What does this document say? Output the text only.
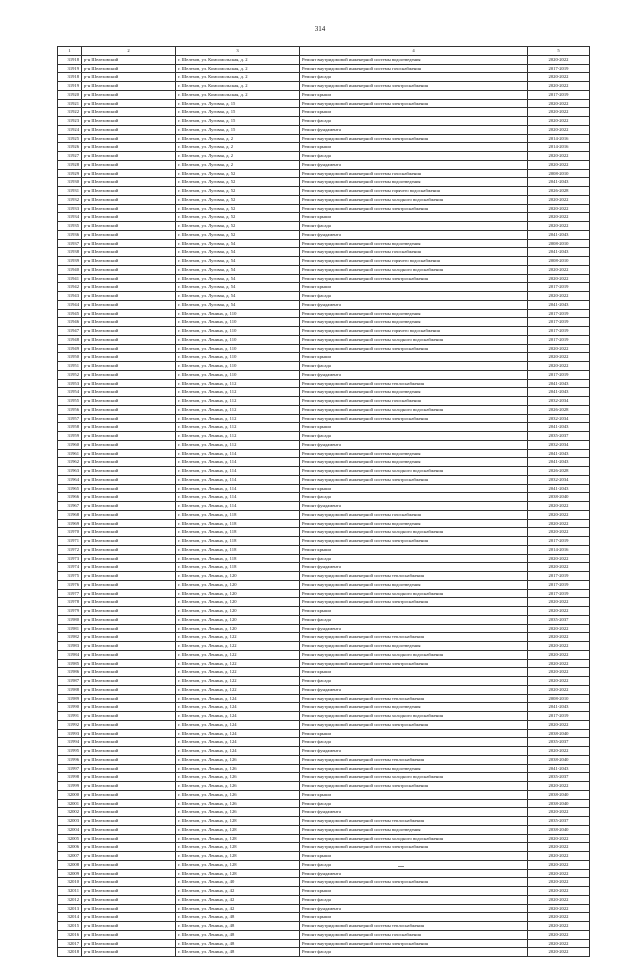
314
1	2	3	4	5
31918	р-н Шелеховский	г. Шелехов, ул. Комсомольская, д. 2	Ремонт внутридомовой инженерной системы водоотведения	2020-2022
31919	р-н Шелеховский	г. Шелехов, ул. Комсомольская, д. 2	Ремонт внутридомовой инженерной системы газоснабжения	2017-2019
31918	р-н Шелеховский	г. Шелехов, ул. Комсомольская, д. 2	Ремонт фасада	2020-2022
31919	р-н Шелеховский	г. Шелехов, ул. Комсомольская, д. 2	Ремонт внутридомовой инженерной системы электроснабжения	2020-2022
31920	р-н Шелеховский	г. Шелехов, ул. Комсомольская, д. 2	Ремонт крыши	2017-2019
31921	р-н Шелеховский	г. Шелехов, ул. Луговая, д. 15	Ремонт внутридомовой инженерной системы электроснабжения	2020-2022
31922	р-н Шелеховский	г. Шелехов, ул. Луговая, д. 15	Ремонт крыши	2020-2022
31923	р-н Шелеховский	г. Шелехов, ул. Луговая, д. 15	Ремонт фасада	2020-2022
31924	р-н Шелеховский	г. Шелехов, ул. Луговая, д. 15	Ремонт фундамента	2020-2022
31925	р-н Шелеховский	г. Шелехов, ул. Луговая, д. 2	Ремонт внутридомовой инженерной системы электроснабжения	2014-2016
31926	р-н Шелеховский	г. Шелехов, ул. Луговая, д. 2	Ремонт крыши	2014-2016
31927	р-н Шелеховский	г. Шелехов, ул. Луговая, д. 2	Ремонт фасада	2020-2022
31928	р-н Шелеховский	г. Шелехов, ул. Луговая, д. 2	Ремонт фундамента	2020-2022
31929	р-н Шелеховский	г. Шелехов, ул. Луговая, д. 52	Ремонт внутридомовой инженерной системы газоснабжения	2008-2010
31930	р-н Шелеховский	г. Шелехов, ул. Луговая, д. 52	Ремонт внутридомовой инженерной системы водоотведения	2041-2043
31931	р-н Шелеховский	г. Шелехов, ул. Луговая, д. 52	Ремонт внутридомовой инженерной системы горячего водоснабжения	2026-2028
31932	р-н Шелеховский	г. Шелехов, ул. Луговая, д. 52	Ремонт внутридомовой инженерной системы холодного водоснабжения	2020-2022
31933	р-н Шелеховский	г. Шелехов, ул. Луговая, д. 52	Ремонт внутридомовой инженерной системы электроснабжения	2020-2022
31934	р-н Шелеховский	г. Шелехов, ул. Луговая, д. 52	Ремонт крыши	2020-2022
31935	р-н Шелеховский	г. Шелехов, ул. Луговая, д. 52	Ремонт фасада	2020-2022
31936	р-н Шелеховский	г. Шелехов, ул. Луговая, д. 52	Ремонт фундамента	2041-2043
31937	р-н Шелеховский	г. Шелехов, ул. Луговая, д. 54	Ремонт внутридомовой инженерной системы водоотведения	2008-2010
31938	р-н Шелеховский	г. Шелехов, ул. Луговая, д. 54	Ремонт внутридомовой инженерной системы газоснабжения	2041-2043
31939	р-н Шелеховский	г. Шелехов, ул. Луговая, д. 54	Ремонт внутридомовой инженерной системы горячего водоснабжения	2008-2010
31940	р-н Шелеховский	г. Шелехов, ул. Луговая, д. 54	Ремонт внутридомовой инженерной системы холодного водоснабжения	2020-2022
31941	р-н Шелеховский	г. Шелехов, ул. Луговая, д. 54	Ремонт внутридомовой инженерной системы электроснабжения	2020-2022
31942	р-н Шелеховский	г. Шелехов, ул. Луговая, д. 54	Ремонт крыши	2017-2019
31943	р-н Шелеховский	г. Шелехов, ул. Луговая, д. 54	Ремонт фасада	2020-2022
31944	р-н Шелеховский	г. Шелехов, ул. Луговая, д. 54	Ремонт фундамента	2041-2043
31945	р-н Шелеховский	г. Шелехов, ул. Ленина, д. 110	Ремонт внутридомовой инженерной системы водоотведения	2017-2019
31946	р-н Шелеховский	г. Шелехов, ул. Ленина, д. 110	Ремонт внутридомовой инженерной системы водоотведения	2017-2019
31947	р-н Шелеховский	г. Шелехов, ул. Ленина, д. 110	Ремонт внутридомовой инженерной системы горячего водоснабжения	2017-2019
31948	р-н Шелеховский	г. Шелехов, ул. Ленина, д. 110	Ремонт внутридомовой инженерной системы холодного водоснабжения	2017-2019
31949	р-н Шелеховский	г. Шелехов, ул. Ленина, д. 110	Ремонт внутридомовой инженерной системы электроснабжения	2020-2022
31950	р-н Шелеховский	г. Шелехов, ул. Ленина, д. 110	Ремонт крыши	2020-2022
31951	р-н Шелеховский	г. Шелехов, ул. Ленина, д. 110	Ремонт фасада	2020-2022
31952	р-н Шелеховский	г. Шелехов, ул. Ленина, д. 110	Ремонт фундамента	2017-2019
31953	р-н Шелеховский	г. Шелехов, ул. Ленина, д. 112	Ремонт внутридомовой инженерной системы теплоснабжения	2041-2043
31954	р-н Шелеховский	г. Шелехов, ул. Ленина, д. 112	Ремонт внутридомовой инженерной системы водоотведения	2041-2043
31955	р-н Шелеховский	г. Шелехов, ул. Ленина, д. 112	Ремонт внутридомовой инженерной системы газоснабжения	2032-2034
31956	р-н Шелеховский	г. Шелехов, ул. Ленина, д. 112	Ремонт внутридомовой инженерной системы холодного водоснабжения	2026-2028
31957	р-н Шелеховский	г. Шелехов, ул. Ленина, д. 112	Ремонт внутридомовой инженерной системы электроснабжения	2032-2034
31958	р-н Шелеховский	г. Шелехов, ул. Ленина, д. 112	Ремонт крыши	2041-2043
31959	р-н Шелеховский	г. Шелехов, ул. Ленина, д. 112	Ремонт фасада	2035-2037
31960	р-н Шелеховский	г. Шелехов, ул. Ленина, д. 112	Ремонт фундамента	2032-2034
31961	р-н Шелеховский	г. Шелехов, ул. Ленина, д. 114	Ремонт внутридомовой инженерной системы водоотведения	2041-2043
31962	р-н Шелеховский	г. Шелехов, ул. Ленина, д. 114	Ремонт внутридомовой инженерной системы водоотведения	2041-2043
31963	р-н Шелеховский	г. Шелехов, ул. Ленина, д. 114	Ремонт внутридомовой инженерной системы холодного водоснабжения	2026-2028
31964	р-н Шелеховский	г. Шелехов, ул. Ленина, д. 114	Ремонт внутридомовой инженерной системы электроснабжения	2032-2034
31965	р-н Шелеховский	г. Шелехов, ул. Ленина, д. 114	Ремонт крыши	2041-2043
31966	р-н Шелеховский	г. Шелехов, ул. Ленина, д. 114	Ремонт фасада	2038-2040
31967	р-н Шелеховский	г. Шелехов, ул. Ленина, д. 114	Ремонт фундамента	2020-2022
31968	р-н Шелеховский	г. Шелехов, ул. Ленина, д. 118	Ремонт внутридомовой инженерной системы газоснабжения	2020-2022
31969	р-н Шелеховский	г. Шелехов, ул. Ленина, д. 118	Ремонт внутридомовой инженерной системы водоотведения	2020-2022
31970	р-н Шелеховский	г. Шелехов, ул. Ленина, д. 118	Ремонт внутридомовой инженерной системы холодного водоснабжения	2020-2022
31971	р-н Шелеховский	г. Шелехов, ул. Ленина, д. 118	Ремонт внутридомовой инженерной системы электроснабжения	2017-2019
31972	р-н Шелеховский	г. Шелехов, ул. Ленина, д. 118	Ремонт крыши	2014-2016
31973	р-н Шелеховский	г. Шелехов, ул. Ленина, д. 118	Ремонт фасада	2020-2022
31974	р-н Шелеховский	г. Шелехов, ул. Ленина, д. 118	Ремонт фундамента	2020-2022
31975	р-н Шелеховский	г. Шелехов, ул. Ленина, д. 120	Ремонт внутридомовой инженерной системы теплоснабжения	2017-2019
31976	р-н Шелеховский	г. Шелехов, ул. Ленина, д. 120	Ремонт внутридомовой инженерной системы водоотведения	2017-2019
31977	р-н Шелеховский	г. Шелехов, ул. Ленина, д. 120	Ремонт внутридомовой инженерной системы холодного водоснабжения	2017-2019
31978	р-н Шелеховский	г. Шелехов, ул. Ленина, д. 120	Ремонт внутридомовой инженерной системы электроснабжения	2020-2022
31979	р-н Шелеховский	г. Шелехов, ул. Ленина, д. 120	Ремонт крыши	2020-2022
31980	р-н Шелеховский	г. Шелехов, ул. Ленина, д. 120	Ремонт фасада	2035-2037
31981	р-н Шелеховский	г. Шелехов, ул. Ленина, д. 120	Ремонт фундамента	2020-2022
31982	р-н Шелеховский	г. Шелехов, ул. Ленина, д. 122	Ремонт внутридомовой инженерной системы теплоснабжения	2020-2022
31983	р-н Шелеховский	г. Шелехов, ул. Ленина, д. 122	Ремонт внутридомовой инженерной системы водоотведения	2020-2022
31984	р-н Шелеховский	г. Шелехов, ул. Ленина, д. 122	Ремонт внутридомовой инженерной системы холодного водоснабжения	2020-2022
31985	р-н Шелеховский	г. Шелехов, ул. Ленина, д. 122	Ремонт внутридомовой инженерной системы электроснабжения	2020-2022
31986	р-н Шелеховский	г. Шелехов, ул. Ленина, д. 122	Ремонт крыши	2020-2022
31987	р-н Шелеховский	г. Шелехов, ул. Ленина, д. 122	Ремонт фасада	2020-2022
31988	р-н Шелеховский	г. Шелехов, ул. Ленина, д. 122	Ремонт фундамента	2020-2022
31989	р-н Шелеховский	г. Шелехов, ул. Ленина, д. 124	Ремонт внутридомовой инженерной системы теплоснабжения	2008-2010
31990	р-н Шелеховский	г. Шелехов, ул. Ленина, д. 124	Ремонт внутридомовой инженерной системы водоотведения	2041-2043
31991	р-н Шелеховский	г. Шелехов, ул. Ленина, д. 124	Ремонт внутридомовой инженерной системы холодного водоснабжения	2017-2019
31992	р-н Шелеховский	г. Шелехов, ул. Ленина, д. 124	Ремонт внутридомовой инженерной системы электроснабжения	2020-2022
31993	р-н Шелеховский	г. Шелехов, ул. Ленина, д. 124	Ремонт крыши	2038-2040
31994	р-н Шелеховский	г. Шелехов, ул. Ленина, д. 124	Ремонт фасада	2035-2037
31995	р-н Шелеховский	г. Шелехов, ул. Ленина, д. 124	Ремонт фундамента	2020-2022
31996	р-н Шелеховский	г. Шелехов, ул. Ленина, д. 126	Ремонт внутридомовой инженерной системы теплоснабжения	2038-2040
31997	р-н Шелеховский	г. Шелехов, ул. Ленина, д. 126	Ремонт внутридомовой инженерной системы водоотведения	2041-2043
31998	р-н Шелеховский	г. Шелехов, ул. Ленина, д. 126	Ремонт внутридомовой инженерной системы холодного водоснабжения	2035-2037
31999	р-н Шелеховский	г. Шелехов, ул. Ленина, д. 126	Ремонт внутридомовой инженерной системы электроснабжения	2020-2022
32000	р-н Шелеховский	г. Шелехов, ул. Ленина, д. 126	Ремонт крыши	2038-2040
32001	р-н Шелеховский	г. Шелехов, ул. Ленина, д. 126	Ремонт фасада	2038-2040
32002	р-н Шелеховский	г. Шелехов, ул. Ленина, д. 126	Ремонт фундамента	2020-2022
32003	р-н Шелеховский	г. Шелехов, ул. Ленина, д. 128	Ремонт внутридомовой инженерной системы теплоснабжения	2035-2037
32004	р-н Шелеховский	г. Шелехов, ул. Ленина, д. 128	Ремонт внутридомовой инженерной системы водоотведения	2038-2040
32005	р-н Шелеховский	г. Шелехов, ул. Ленина, д. 128	Ремонт внутридомовой инженерной системы холодного водоснабжения	2020-2022
32006	р-н Шелеховский	г. Шелехов, ул. Ленина, д. 128	Ремонт внутридомовой инженерной системы электроснабжения	2020-2022
32007	р-н Шелеховский	г. Шелехов, ул. Ленина, д. 128	Ремонт крыши	2020-2022
32008	р-н Шелеховский	г. Шелехов, ул. Ленина, д. 128	Ремонт фасада	2020-2022
32009	р-н Шелеховский	г. Шелехов, ул. Ленина, д. 128	Ремонт фундамента	2020-2022
32010	р-н Шелеховский	г. Шелехов, ул. Ленина, д. 40	Ремонт внутридомовой инженерной системы электроснабжения	2020-2022
32011	р-н Шелеховский	г. Шелехов, ул. Ленина, д. 42	Ремонт крыши	2020-2022
32012	р-н Шелеховский	г. Шелехов, ул. Ленина, д. 42	Ремонт фасада	2020-2022
32013	р-н Шелеховский	г. Шелехов, ул. Ленина, д. 42	Ремонт фундамента	2020-2022
32014	р-н Шелеховский	г. Шелехов, ул. Ленина, д. 48	Ремонт крыши	2020-2022
32015	р-н Шелеховский	г. Шелехов, ул. Ленина, д. 48	Ремонт внутридомовой инженерной системы теплоснабжения	2020-2022
32016	р-н Шелеховский	г. Шелехов, ул. Ленина, д. 48	Ремонт внутридомовой инженерной системы газоснабжения	2020-2022
32017	р-н Шелеховский	г. Шелехов, ул. Ленина, д. 48	Ремонт внутридомовой инженерной системы электроснабжения	2020-2022
32018	р-н Шелеховский	г. Шелехов, ул. Ленина, д. 48	Ремонт фасада	2020-2022
